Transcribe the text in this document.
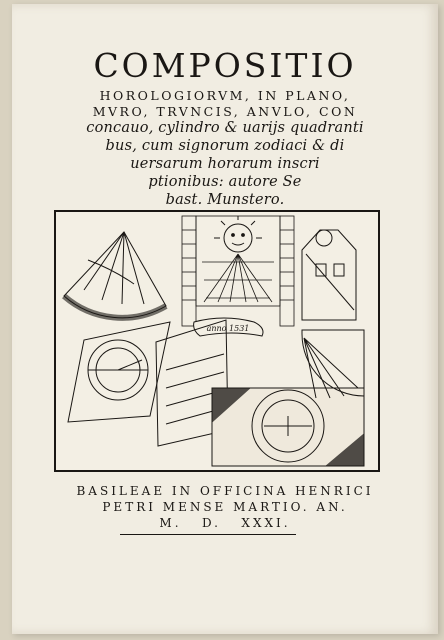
COMPOSITIO
HOROLOGIORVM, IN PLANO,
MVRO, TRVNCIS, ANVLO, CON
concauo, cylindro & uarijs quadranti
bus, cum signorum zodiaci & di
uersarum horarum inscri
ptionibus: autore Se
bast. Munstero.
anno 1531
BASILEAE IN OFFICINA HENRICI
PETRI MENSE MARTIO. AN.
M.   D.   XXXI.
